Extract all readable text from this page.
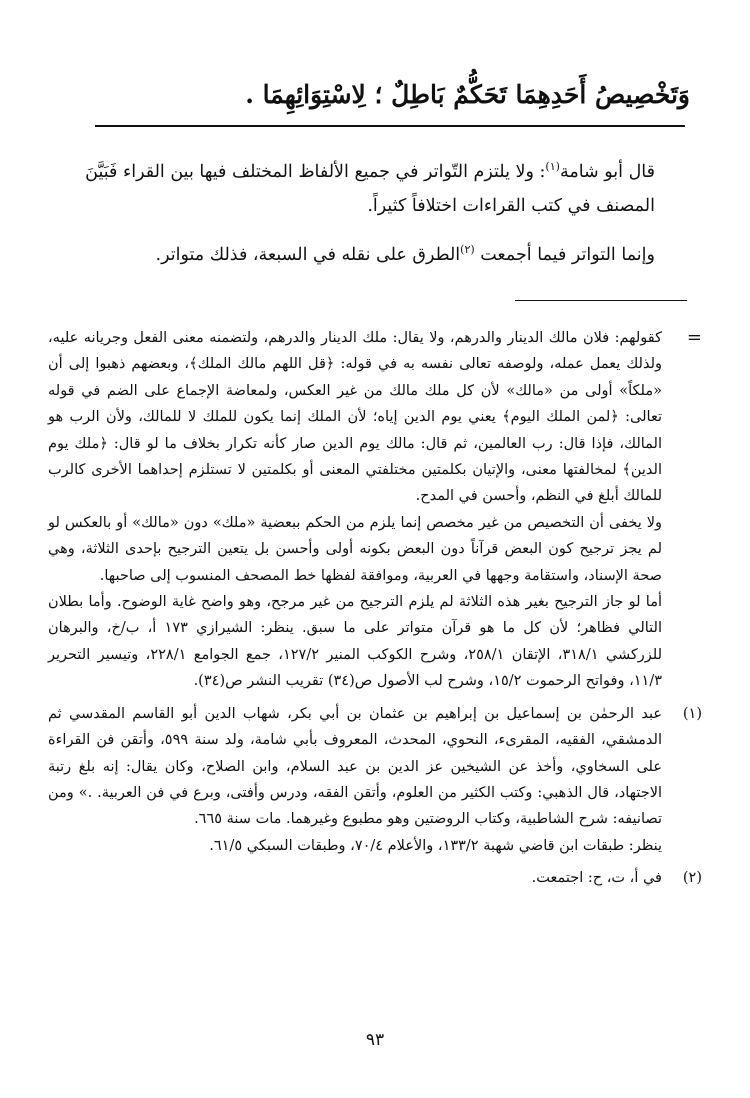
وَتَخْصِيصُ أَحَدِهِمَا تَحَكُّمٌ بَاطِلٌ ؛ لِاسْتِوَائِهِمَا .

قال أبو شامة$^{(١)}$: ولا يلتزم التّواتر في جميع الألفاظ المختلف فيها بين القراء فَبَيَّنَ المصنف في كتب القراءات اختلافاً كثيراً.

وإنما التواتر فيما أجمعت $^{(٢)}$الطرق على نقله في السبعة، فذلك متواتر.

=

كقولهم: فلان مالك الدينار والدرهم، ولا يقال: ملك الدينار والدرهم، ولتضمنه معنى الفعل وجريانه عليه، ولذلك يعمل عمله، ولوصفه تعالى نفسه به في قوله: ﴿قل اللهم مالك الملك﴾، وبعضهم ذهبوا إلى أن «ملكاً» أولى من «مالك» لأن كل ملك مالك من غير العكس، ولمعاضة الإجماع على الضم في قوله تعالى: ﴿لمن الملك اليوم﴾ يعني يوم الدين إياه؛ لأن الملك إنما يكون للملك لا للمالك، ولأن الرب هو المالك، فإذا قال: رب العالمين، ثم قال: مالك يوم الدين صار كأنه تكرار بخلاف ما لو قال: ﴿ملك يوم الدين﴾ لمخالفتها معنى، والإتيان بكلمتين مختلفتي المعنى أو بكلمتين لا تستلزم إحداهما الأخرى كالرب للمالك أبلغ في النظم، وأحسن في المدح.

ولا يخفى أن التخصيص من غير مخصص إنما يلزم من الحكم ببعضية «ملك» دون «مالك» أو بالعكس لو لم يجز ترجيح كون البعض قرآناً دون البعض بكونه أولى وأحسن بل يتعين الترجيح بإحدى الثلاثة، وهي صحة الإسناد، واستقامة وجهها في العربية، وموافقة لفظها خط المصحف المنسوب إلى صاحبها.

أما لو جاز الترجيح بغير هذه الثلاثة لم يلزم الترجيح من غير مرجح، وهو واضح غاية الوضوح. وأما بطلان التالي فظاهر؛ لأن كل ما هو قرآن متواتر على ما سبق. ينظر: الشيرازي ١٧٣ أ، ب/خ، والبرهان للزركشي ٣١٨/١، الإتقان ٢٥٨/١، وشرح الكوكب المنير ١٢٧/٢، جمع الجوامع ٢٢٨/١، وتيسير التحرير ١١/٣، وفواتح الرحموت ١٥/٢، وشرح لب الأصول ص(٣٤) تقريب النشر ص(٣٤).

(١)

عبد الرحمٰن بن إسماعيل بن إبراهيم بن عثمان بن أبي بكر، شهاب الدين أبو القاسم المقدسي ثم الدمشقي، الفقيه، المقرىء، النحوي، المحدث، المعروف بأبي شامة، ولد سنة ٥٩٩، وأتقن فن القراءة على السخاوي، وأخذ عن الشيخين عز الدين بن عبد السلام، وابن الصلاح، وكان يقال: إنه بلغ رتبة الاجتهاد، قال الذهبي: وكتب الكثير من العلوم، وأتقن الفقه، ودرس وأفتى، وبرع في فن العربية. .» ومن تصانيفه: شرح الشاطبية، وكتاب الروضتين وهو مطبوع وغيرهما. مات سنة ٦٦٥.

ينظر: طبقات ابن قاضي شهبة ١٣٣/٢، والأعلام ٧٠/٤، وطبقات السبكي ٦١/٥.

(٢)

في أ، ت، ح: اجتمعت.

٩٣
